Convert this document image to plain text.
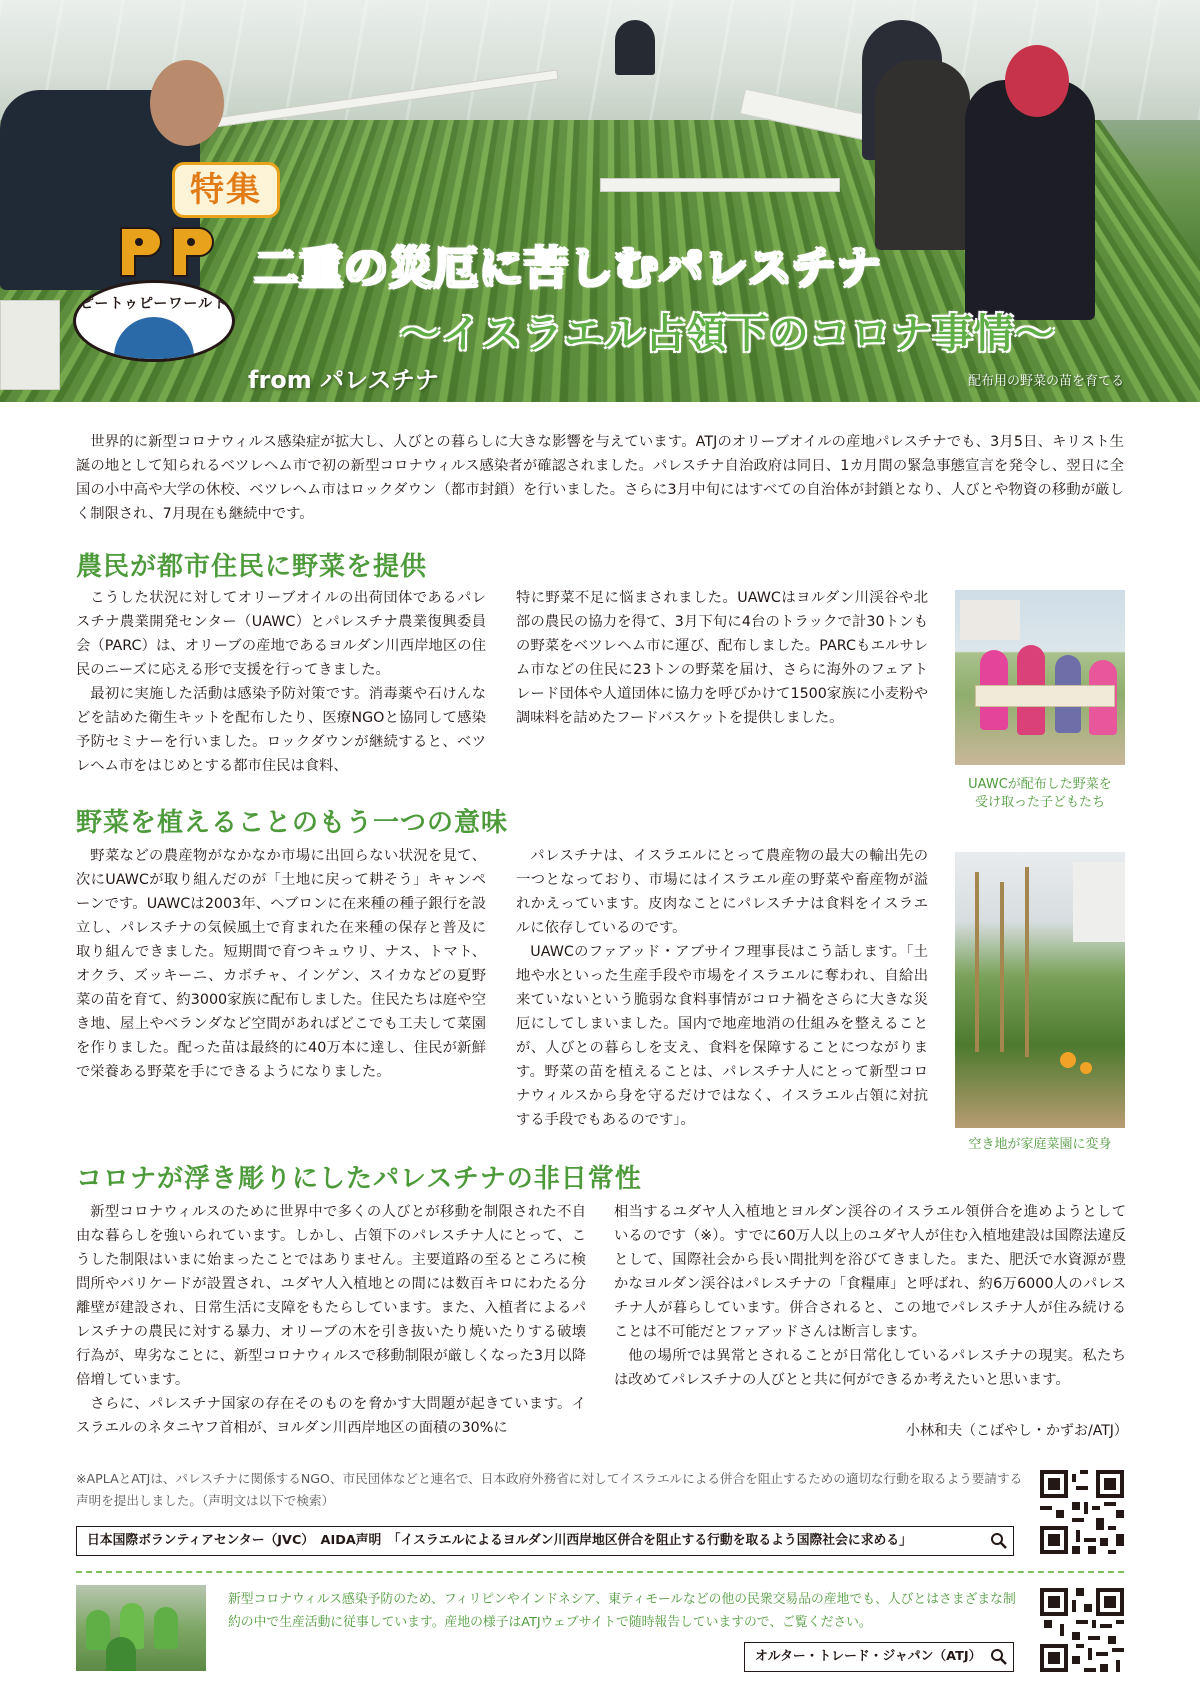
特集
ピートゥピーワールド
二重の災厄に苦しむパレスチナ
〜イスラエル占領下のコロナ事情〜
from パレスチナ	配布用の野菜の苗を育てる

世界的に新型コロナウィルス感染症が拡大し、人びとの暮らしに大きな影響を与えています。ATJのオリーブオイルの産地パレスチナでも、3月5日、キリスト生誕の地として知られるベツレヘム市で初の新型コロナウィルス感染者が確認されました。パレスチナ自治政府は同日、1カ月間の緊急事態宣言を発令し、翌日に全国の小中高や大学の休校、ベツレヘム市はロックダウン（都市封鎖）を行いました。さらに3月中旬にはすべての自治体が封鎖となり、人びとや物資の移動が厳しく制限され、7月現在も継続中です。

農民が都市住民に野菜を提供

こうした状況に対してオリーブオイルの出荷団体であるパレスチナ農業開発センター（UAWC）とパレスチナ農業復興委員会（PARC）は、オリーブの産地であるヨルダン川西岸地区の住民のニーズに応える形で支援を行ってきました。

最初に実施した活動は感染予防対策です。消毒薬や石けんなどを詰めた衛生キットを配布したり、医療NGOと協同して感染予防セミナーを行いました。ロックダウンが継続すると、ベツレヘム市をはじめとする都市住民は食料、

特に野菜不足に悩まされました。UAWCはヨルダン川渓谷や北部の農民の協力を得て、3月下旬に4台のトラックで計30トンもの野菜をベツレヘム市に運び、配布しました。PARCもエルサレム市などの住民に23トンの野菜を届け、さらに海外のフェアトレード団体や人道団体に協力を呼びかけて1500家族に小麦粉や調味料を詰めたフードバスケットを提供しました。

UAWCが配布した野菜を
受け取った子どもたち
野菜を植えることのもう一つの意味

野菜などの農産物がなかなか市場に出回らない状況を見て、次にUAWCが取り組んだのが「土地に戻って耕そう」キャンペーンです。UAWCは2003年、ヘブロンに在来種の種子銀行を設立し、パレスチナの気候風土で育まれた在来種の保存と普及に取り組んできました。短期間で育つキュウリ、ナス、トマト、オクラ、ズッキーニ、カボチャ、インゲン、スイカなどの夏野菜の苗を育て、約3000家族に配布しました。住民たちは庭や空き地、屋上やベランダなど空間があればどこでも工夫して菜園を作りました。配った苗は最終的に40万本に達し、住民が新鮮で栄養ある野菜を手にできるようになりました。

パレスチナは、イスラエルにとって農産物の最大の輸出先の一つとなっており、市場にはイスラエル産の野菜や畜産物が溢れかえっています。皮肉なことにパレスチナは食料をイスラエルに依存しているのです。

UAWCのファアッド・アブサイフ理事長はこう話します。「土地や水といった生産手段や市場をイスラエルに奪われ、自給出来ていないという脆弱な食料事情がコロナ禍をさらに大きな災厄にしてしまいました。国内で地産地消の仕組みを整えることが、人びとの暮らしを支え、食料を保障することにつながります。野菜の苗を植えることは、パレスチナ人にとって新型コロナウィルスから身を守るだけではなく、イスラエル占領に対抗する手段でもあるのです」。

空き地が家庭菜園に変身
コロナが浮き彫りにしたパレスチナの非日常性

新型コロナウィルスのために世界中で多くの人びとが移動を制限された不自由な暮らしを強いられています。しかし、占領下のパレスチナ人にとって、こうした制限はいまに始まったことではありません。主要道路の至るところに検問所やバリケードが設置され、ユダヤ人入植地との間には数百キロにわたる分離壁が建設され、日常生活に支障をもたらしています。また、入植者によるパレスチナの農民に対する暴力、オリーブの木を引き抜いたり焼いたりする破壊行為が、卑劣なことに、新型コロナウィルスで移動制限が厳しくなった3月以降倍増しています。

さらに、パレスチナ国家の存在そのものを脅かす大問題が起きています。イスラエルのネタニヤフ首相が、ヨルダン川西岸地区の面積の30%に

相当するユダヤ人入植地とヨルダン渓谷のイスラエル領併合を進めようとしているのです（※）。すでに60万人以上のユダヤ人が住む入植地建設は国際法違反として、国際社会から長い間批判を浴びてきました。また、肥沃で水資源が豊かなヨルダン渓谷はパレスチナの「食糧庫」と呼ばれ、約6万6000人のパレスチナ人が暮らしています。併合されると、この地でパレスチナ人が住み続けることは不可能だとファアッドさんは断言します。

他の場所では異常とされることが日常化しているパレスチナの現実。私たちは改めてパレスチナの人びとと共に何ができるか考えたいと思います。

小林和夫（こばやし・かずお/ATJ）
※APLAとATJは、パレスチナに関係するNGO、市民団体などと連名で、日本政府外務省に対してイスラエルによる併合を阻止するための適切な行動を取るよう要請する声明を提出しました。（声明文は以下で検索）
日本国際ボランティアセンター（JVC）　AIDA声明　「イスラエルによるヨルダン川西岸地区併合を阻止する行動を取るよう国際社会に求める」
新型コロナウィルス感染予防のため、フィリピンやインドネシア、東ティモールなどの他の民衆交易品の産地でも、人びとはさまざまな制約の中で生産活動に従事しています。産地の様子はATJウェブサイトで随時報告していますので、ご覧ください。
オルター・トレード・ジャパン（ATJ）
